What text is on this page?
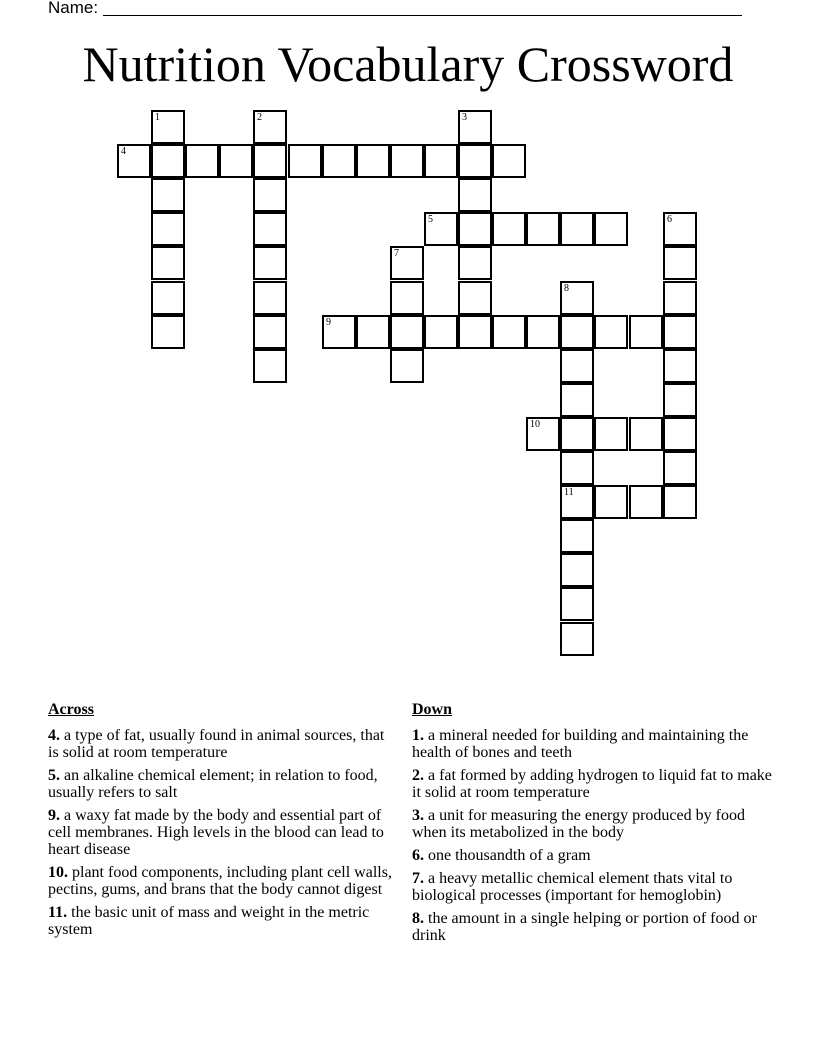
Name:
Nutrition Vocabulary Crossword
1	2	3
4
5	6
7
8
9
10
11
Across
4. a type of fat, usually found in animal sources, that is solid at room temperature
5. an alkaline chemical element; in relation to food, usually refers to salt
9. a waxy fat made by the body and essential part of cell membranes. High levels in the blood can lead to heart disease
10. plant food components, including plant cell walls, pectins, gums, and brans that the body cannot digest
11. the basic unit of mass and weight in the metric system
Down
1. a mineral needed for building and maintaining the health of bones and teeth
2. a fat formed by adding hydrogen to liquid fat to make it solid at room temperature
3. a unit for measuring the energy produced by food when its metabolized in the body
6. one thousandth of a gram
7. a heavy metallic chemical element thats vital to biological processes (important for hemoglobin)
8. the amount in a single helping or portion of food or drink
